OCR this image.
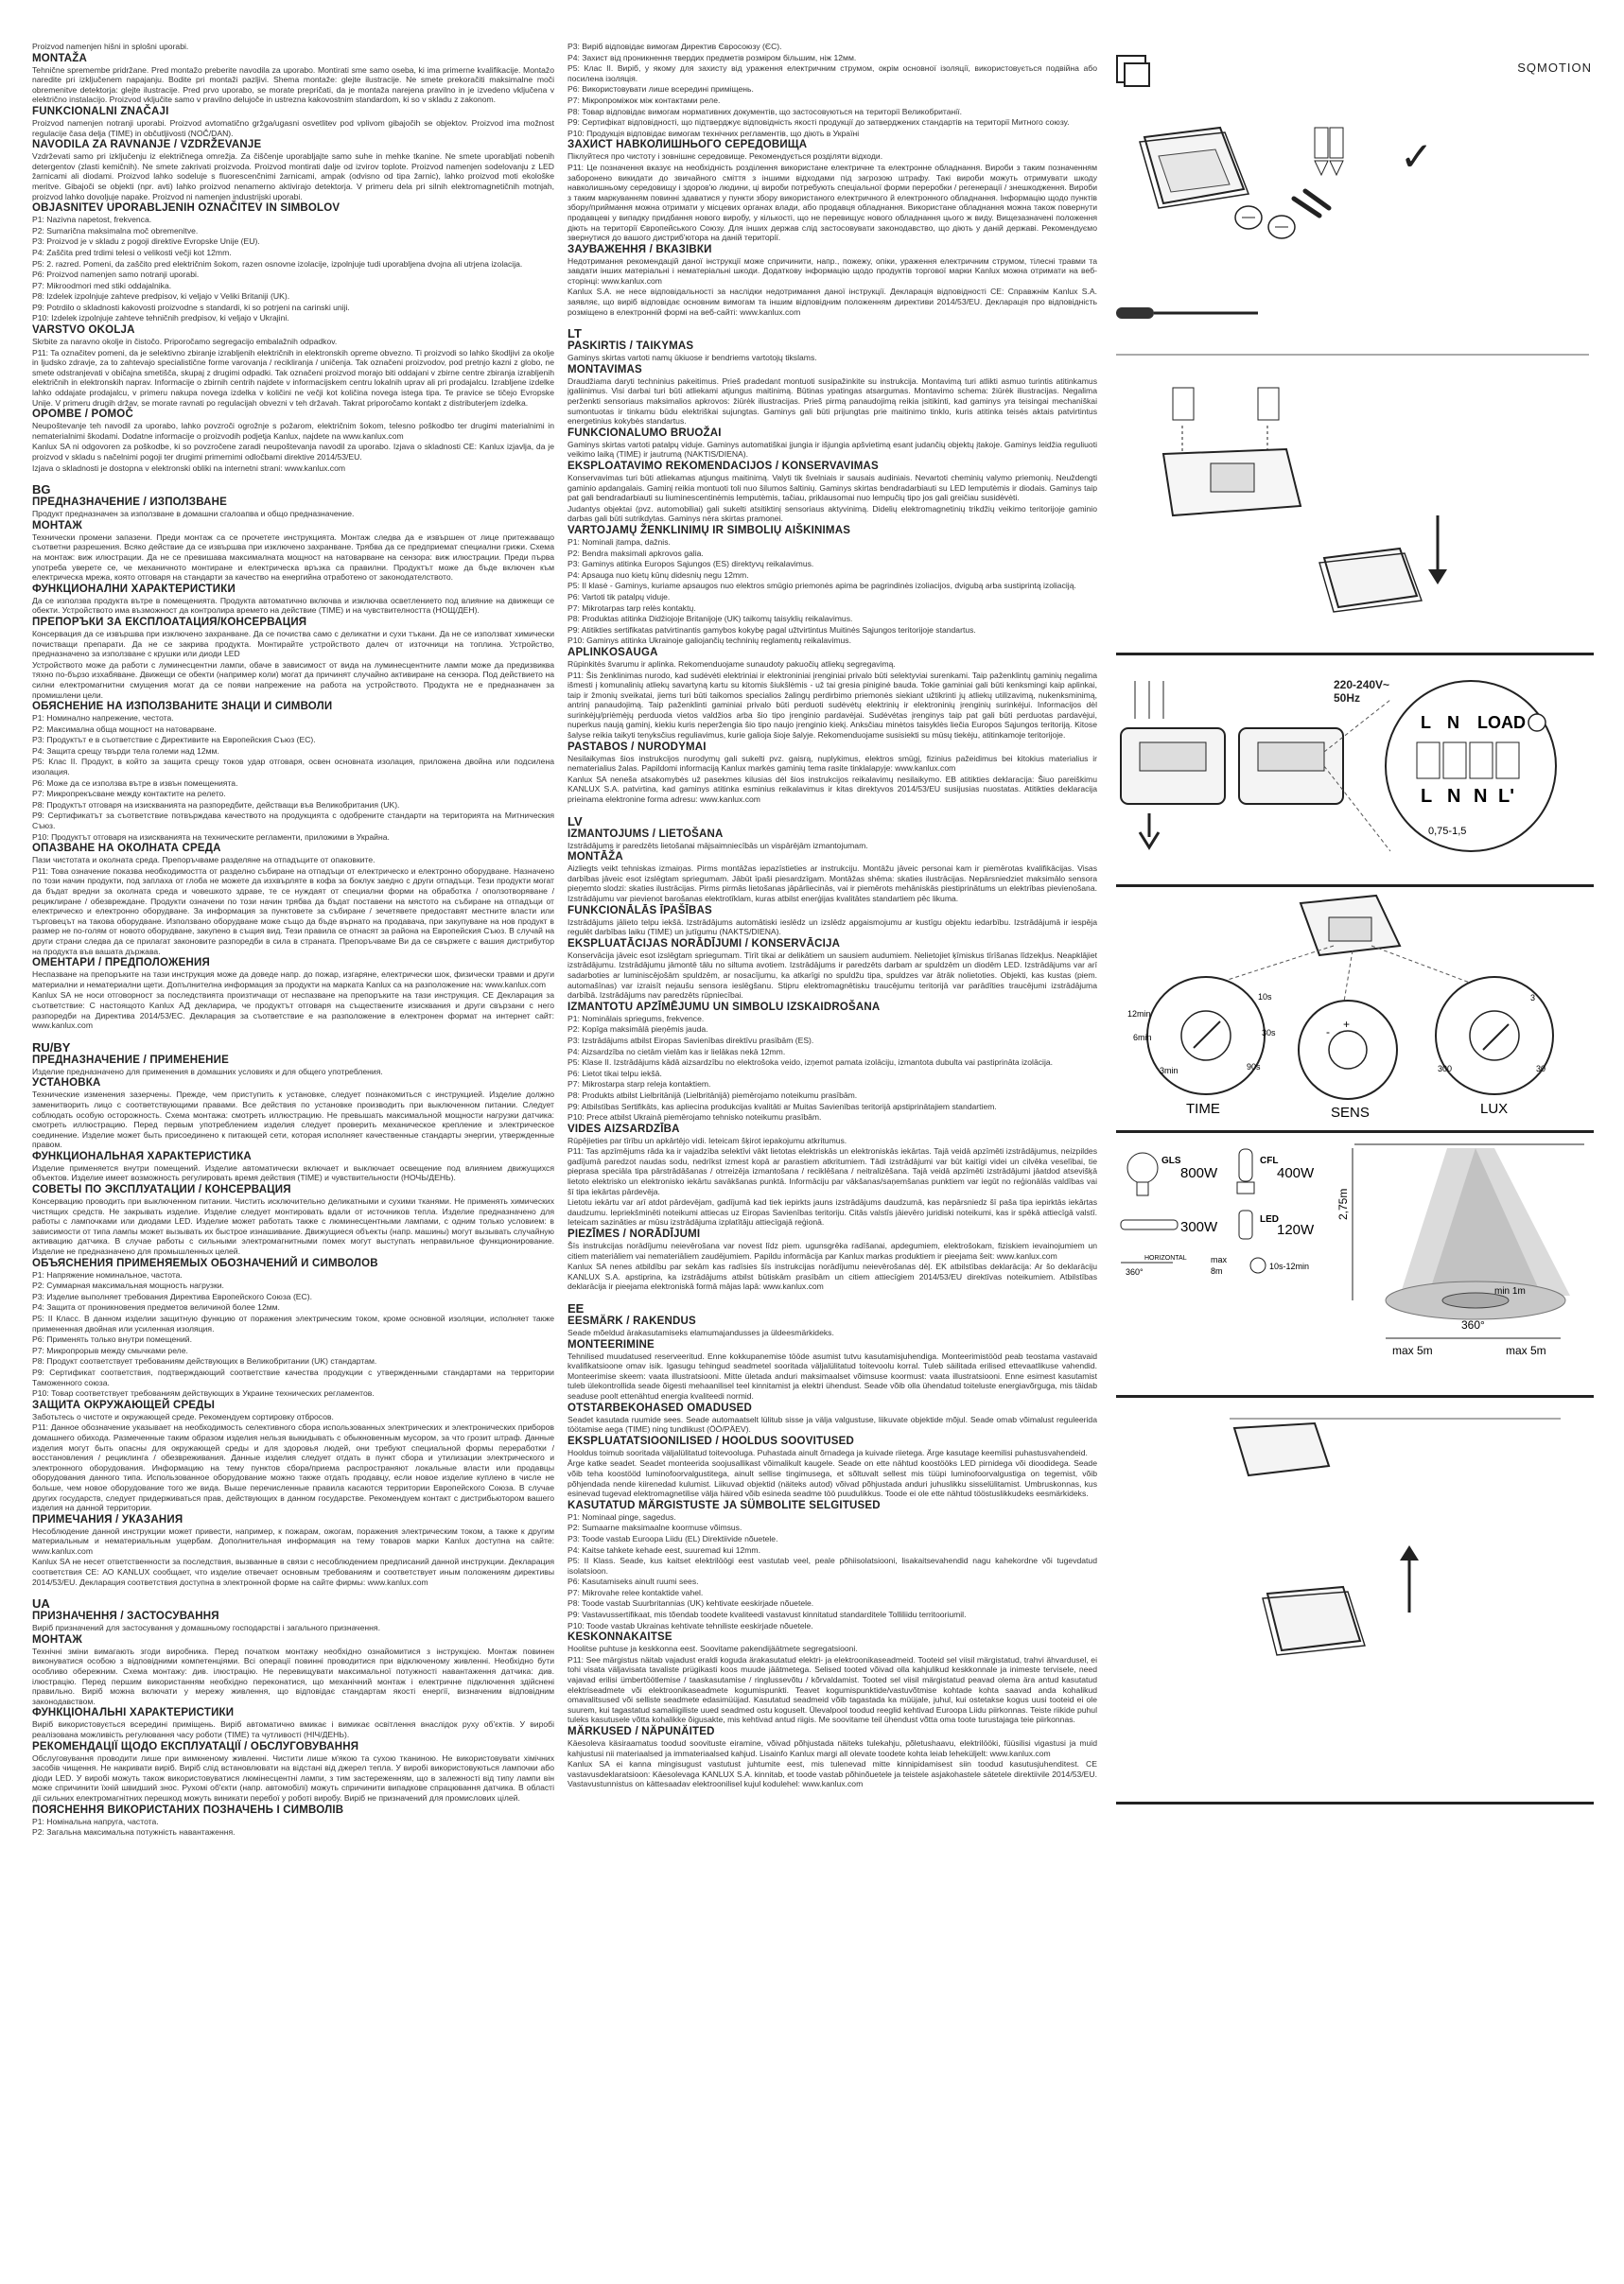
SQMOTION
Proizvod namenjen hišni in splošni uporabi.
MONTAŽA
Tehnične spremembe pridržane. Pred montažo preberite navodila za uporabo. Montirati sme samo oseba, ki ima primerne kvalifikacije. Montažo naredite pri izključenem napajanju. Bodite pri montaži pazljivi. Shema montaže: glejte ilustracije. Ne smete prekoračiti maksimalne moči obremenitve detektorja: glejte ilustracije. Pred prvo uporabo, se morate prepričati, da je montaža narejena pravilno in je izvedeno vključena v električno instalacijo. Proizvod vključite samo v pravilno delujoče in ustrezna kakovostnim standardom, ki so v skladu z zakonom.
FUNKCIONALNI ZNAČAJI
Proizvod namenjen notranji uporabi. Proizvod avtomatično gržga/ugasni osvetlitev pod vplivom gibajočih se objektov. Proizvod ima možnost regulacije časa delja (TIME) in občutljivosti (NOČ/DAN).
NAVODILA ZA RAVNANJE / VZDRŽEVANJE
Vzdrževati samo pri izključenju iz električnega omrežja. Za čiščenje uporabljajte samo suhe in mehke tkanine. Ne smete uporabljati nobenih detergentov (zlasti kemičnih). Ne smete zakrivati proizvoda. Proizvod montirati dalje od izvirov toplote. Proizvod namenjen sodelovanju z LED žarnicami ali diodami. Proizvod lahko sodeluje s fluorescenčnimi žarnicami, ampak (odvisno od tipa žarnic), lahko proizvod moti ekološke meritve. Gibajoči se objekti (npr. avti) lahko proizvod nenamerno aktivirajo detektorja. V primeru dela pri silnih elektromagnetičnih motnjah, proizvod lahko dovoljuje napake. Proizvod ni namenjen industrijski uporabi.
OBJASNITEV UPORABLJENIH OZNAČITEV IN SIMBOLOV
P1: Nazivna napetost, frekvenca.
P2: Sumarična maksimalna moč obremenitve.
P3: Proizvod je v skladu z pogoji direktive Evropske Unije (EU).
P4: Zaščita pred trdimi telesi o velikosti večji kot 12mm.
P5: 2. razred. Pomeni, da zaščito pred električnim šokom, razen osnovne izolacije, izpolnjuje tudi uporabljena dvojna ali utrjena izolacija.
P6: Proizvod namenjen samo notranji uporabi.
P7: Mikroodmori med stiki oddajalnika.
P8: Izdelek izpolnjuje zahteve predpisov, ki veljajo v Veliki Britaniji (UK).
P9: Potrdilo o skladnosti kakovosti proizvodne s standardi, ki so potrjeni na carinski uniji.
P10: Izdelek izpolnjuje zahteve tehničnih predpisov, ki veljajo v Ukrajini.
VARSTVO OKOLJA
Skrbite za naravno okolje in čistočo. Priporočamo segregacijo embalažnih odpadkov.
P11: Ta označitev pomeni, da je selektivno zbiranje izrabljenih električnih in elektronskih opreme obvezno. Ti proizvodi so lahko škodljivi za okolje in ljudsko zdravje, za to zahtevajo specialistične forme varovanja / recikliranja / uničenja. Tak označeni proizvodov, pod pretnjo kazni z globo, ne smete odstranjevati v običajna smetišča, skupaj z drugimi odpadki. Tak označeni proizvod morajo biti oddajani v zbirne centre zbiranja izrabljenih električnih in elektronskih naprav. Informacije o zbirnih centrih najdete v informacijskem centru lokalnih uprav ali pri prodajalcu. Izrabljene izdelke lahko oddajate prodajalcu, v primeru nakupa novega izdelka v količini ne večji kot količina novega istega tipa. Te pravice se tičejo Evropske Unije. V primeru drugih držav, se morate ravnati po regulacijah obvezni v teh državah. Takrat priporočamo kontakt z distributerjem izdelka.
OPOMBE / POMOČ
Neupoštevanje teh navodil za uporabo, lahko povzroči ogrožnje s požarom, električnim šokom, telesno poškodbo ter drugimi materialnimi in nematerialnimi škodami. Dodatne informacije o proizvodih podjetja Kanlux, najdete na www.kanlux.com
Kanlux SA ni odgovoren za poškodbe, ki so povzročene zaradi neupoštevanja navodil za uporabo. Izjava o skladnosti CE: Kanlux izjavlja, da je proizvod v skladu s načelnimi pogoji ter drugimi primernimi odločbami direktive 2014/53/EU.
Izjava o skladnosti je dostopna v elektronski obliki na internetni strani: www.kanlux.com
BG
ПРЕДНАЗНАЧЕНИЕ / ИЗПОЛЗВАНЕ
Продукт предназначен за използване в домашни сгалоапва и общо предназначение.
МОНТАЖ
Технически промени запазени. Преди монтаж са се прочетете инструкцията. Монтаж следва да е извършен от лице притежаващо съответни разрешения. Всяко действие да се извършва при изключено захранване. Трябва да се предприемат специални грижи. Схема на монтаж: виж илюстрации. Да не се превишава максималната мощност на натоварване на сензора: виж илюстрации. Преди първа употреба уверете се, че механичното монтиране и електрическа връзка са правилни. Продуктът може да бъде включен към електрическа мрежа, която отговаря на стандарти за качество на енергийна отработено от законодателството.
ФУНКЦИОНАЛНИ ХАРАКТЕРИСТИКИ
Да се използва продукта вътре в помещенията. Продукта автоматично включва и изключва осветлението под влияние на движещи се обекти. Устройството има възможност да контролира времето на действие (TIME) и на чувствителността (НОЩ/ДЕН).
ПРЕПОРЪКИ ЗА ЕКСПЛОАТАЦИЯ/КОНСЕРВАЦИЯ
Консервация да се извършва при изключено захранване. Да се почиства само с деликатни и сухи тъкани. Да не се използват химически почистващи препарати. Да не се закрива продукта. Монтирайте устройството далеч от източници на топлина. Устройство, предназначено за използване с крушки или диоди LED
Устройството може да работи с луминесцентни лампи, обаче в зависимост от вида на луминесцентните лампи може да предизвиква тяхно по-бързо изхабяване. Движещи се обекти (например коли) могат да причинят случайно активиране на сензора. Под действието на силни електромагнитни смущения могат да се появи напрежение на работа на устройството. Продукта не е предназначен за промишлени цели.
ОБЯСНЕНИЕ НА ИЗПОЛЗВАНИТЕ ЗНАЦИ И СИМВОЛИ
P1: Номинално напрежение, честота.
P2: Максимална обща мощност на натоварване.
P3: Продуктът е в съответствие с Директивите на Европейския Съюз (ЕС).
P4: Защита срещу твърди тела големи над 12мм.
P5: Клас II. Продукт, в който за защита срещу токов удар отговаря, освен основната изолация, приложена двойна или подсилена изолация.
P6: Може да се използва вътре в извън помещенията.
P7: Микропрекъсване между контактите на релето.
P8: Продуктът отговаря на изискванията на разпоредбите, действащи във Великобритания (UK).
P9: Сертификатът за съответствие потвърждава качеството на продукцията с одобрените стандарти на територията на Митническия Съюз.
P10: Продуктът отговаря на изискванията на техническите регламенти, приложими в Украйна.
ОПАЗВАНЕ НА ОКОЛНАТА СРЕДА
Пази чистотата и околната среда. Препоръчваме разделяне на отпадъците от опаковките.
P11: Това означение показва необходимостта от разделно събиране на отпадъци от електрическо и електронно оборудване. Назначено по този начин продукти, под заплаха от глоба не можете да изхвърляте в кофа за боклук заедно с други отпадъци. Тези продукти могат да бъдат вредни за околната среда и човешкото здраве, те се нуждаят от специални форми на обработка / оползотворяване / рециклиране / обезвреждане. Продукти означени по този начин трябва да бъдат поставени на мястото на събиране на отпадъци от електрическо и електронно оборудване. За информация за пунктовете за събиране / зечетявете предоставят местните власти или търговецът на такова оборудване. Използвано оборудване може също да бъде върнато на продавача, при закупуване на нов продукт в размер не по-голям от новото оборудване, закупено в същия вид. Тези правила се отнасят за района на Европейския Съюз. В случай на други страни следва да се прилагат законовите разпоредби в сила в страната. Препоръчваме Ви да се свържете с вашия дистрибутор на продукта във вашата държава.
ОМЕНТАРИ / ПРЕДПОЛОЖЕНИЯ
Неспазване на препоръките на тази инструкция може да доведе напр. до пожар, изгаряне, електрически шок, физически травми и други материални и нематериални щети. Допълнителна информация за продукти на марката Kanlux са на разположение на: www.kanlux.com
Kanlux SA не носи отговорност за последствията произтичащи от неспазване на препоръките на тази инструкция. CE Декларация за съответствие: С настоящото Kanlux АД декларира, че продуктът отговаря на съществените изисквания и други свързани с него разпоредби на Директива 2014/53/ЕС. Декларация за съответствие е на разположение в електронен формат на интернет сайт: www.kanlux.com
RU/BY
ПРЕДНАЗНАЧЕНИЕ / ПРИМЕНЕНИЕ
Изделие предназначено для применения в домашних условиях и для общего употребления.
УСТАНОВКА
Технические изменения зазерчены. Прежде, чем приступить к установке, следует познакомиться с инструкцией. Изделие должно заменитворить лицо с соответствующими правами. Все действия по установке производить при выключенном питании. Следует соблюдать особую осторожность. Схема монтажа: смотреть иллюстрацию. Не превышать максимальной мощности нагрузки датчика: смотреть иллюстрацию. Перед первым употреблением изделия следует проверить механическое крепление и электрическое соединение. Изделие может быть присоединено к питающей сети, которая исполняет качественные стандарты энергии, утвержденные правом.
ФУНКЦИОНАЛЬНАЯ ХАРАКТЕРИСТИКА
Изделие применяется внутри помещений. Изделие автоматически включает и выключает освещение под влиянием движущихся объектов. Изделие имеет возможность регулировать время действия (TIME) и чувствительности (НОЧЬ/ДЕНЬ).
СОВЕТЫ ПО ЭКСПЛУАТАЦИИ / КОНСЕРВАЦИЯ
Консервацию проводить при выключенном питании. Чистить исключительно деликатными и сухими тканями. Не применять химических чистящих средств. Не закрывать изделие. Изделие следует монтировать вдали от источников тепла. Изделие предназначено для работы с лампочками или диодами LED. Изделие может работать также с люминесцентными лампами, с одним только условием: в зависимости от типа лампы может вызывать их быстрое изнашивание. Движущиеся объекты (напр. машины) могут вызывать случайную активацию датчика. В случае работы с сильными электромагнитными помех могут выступать неправильное функционирование. Изделие не предназначено для промышленных целей.
ОБЪЯСНЕНИЯ ПРИМЕНЯЕМЫХ ОБОЗНАЧЕНИЙ И СИМВОЛОВ
P1: Напряжение номинальное, частота.
P2: Суммарная максимальная мощность нагрузки.
P3: Изделие выполняет требования Директива Европейского Союза (ЕС).
P4: Защита от проникновения предметов величиной более 12мм.
P5: II Класс. В данном изделии защитную функцию от поражения электрическим током, кроме основной изоляции, исполняет также примененная двойная или усиленная изоляция.
P6: Применять только внутри помещений.
P7: Микропрорыв между смычками реле.
P8: Продукт соответствует требованиям действующих в Великобритании (UK) стандартам.
P9: Сертификат соответствия, подтверждающий соответствие качества продукции с утвержденными стандартами на территории Таможенного союза.
P10: Товар соответствует требованиям действующих в Украине технических регламентов.
ЗАЩИТА ОКРУЖАЮЩЕЙ СРЕДЫ
Заботьтесь о чистоте и окружающей среде. Рекомендуем сортировку отбросов.
P11: Данное обозначение указывает на необходимость селективного сбора использованных электрических и электронических приборов домашнего обихода. Размеченные таким образом изделия нельзя выкидывать с обыкновенным мусором, за что грозит штраф. Данные изделия могут быть опасны для окружающей среды и для здоровья людей, они требуют специальной формы переработки / восстановления / рециклинга / обезвреживания. Данные изделия следует отдать в пункт сбора и утилизации электрического и электронного оборудования. Информацию на тему пунктов сбора/приема распространяют локальные власти или продавцы оборудования данного типа. Использованное оборудование можно также отдать продавцу, если новое изделие куплено в числе не больше, чем новое оборудование того же вида. Выше перечисленные правила касаются территории Европейского Союза. В случае других государств, следует придерживаться прав, действующих в данном государстве. Рекомендуем контакт с дистрибьютором вашего изделия на данной территории.
ПРИМЕЧАНИЯ / УКАЗАНИЯ
Несоблюдение данной инструкции может привести, например, к пожарам, ожогам, поражения электрическим током, а также к другим материальным и нематериальным ущербам. Дополнительная информация на тему товаров марки Kanlux доступна на сайте: www.kanlux.com
Kanlux SA не несет ответственности за последствия, вызванные в связи с несоблюдением предписаний данной инструкции. Декларация соответствия CE: АО KANLUX сообщает, что изделие отвечает основным требованиям и соответствует иным положениям директивы 2014/53/EU. Декларация соответствия доступна в электронной форме на сайте фирмы: www.kanlux.com
UA
ПРИЗНАЧЕННЯ / ЗАСТОСУВАННЯ
Виріб призначений для застосування у домашньому господарстві і загального призначення.
МОНТАЖ
Технічні зміни вимагають згоди виробника. Перед початком монтажу необхідно ознайомитися з інструкцією. Монтаж повинен виконуватися особою з відповідними компетенціями. Всі операції повинні проводитися при відключеному живленні. Необхідно бути особливо обережним. Схема монтажу: див. ілюстрацію. Не перевищувати максимальної потужності навантаження датчика: див. ілюстрацію. Перед першим використанням необхідно переконатися, що механічний монтаж і електричне підключення здійснені правильно. Виріб можна включати у мережу живлення, що відповідає стандартам якості енергії, визначеним відповідним законодавством.
ФУНКЦІОНАЛЬНІ ХАРАКТЕРИСТИКИ
Виріб використовується всередині приміщень. Виріб автоматично вмикає і вимикає освітлення внаслідок руху об'єктів. У виробі реалізована можливість регулювання часу роботи (TIME) та чутливості (НІЧ/ДЕНЬ).
РЕКОМЕНДАЦІЇ ЩОДО ЕКСПЛУАТАЦІЇ / ОБСЛУГОВУВАННЯ
Обслуговування проводити лише при вимкненому живленні. Чистити лише м'якою та сухою тканиною. Не використовувати хімічних засобів чищення. Не накривати виріб. Виріб слід встановлювати на відстані від джерел тепла. У виробі використовуються лампочки або діоди LED. У виробі можуть також використовуватися люмінесцентні лампи, з тим застереженням, що в залежності від типу лампи він може спричинити їхній швидший знос. Рухомі об'єкти (напр. автомобілі) можуть спричинити випадкове спрацювання датчика. В області дії сильних електромагнітних перешкод можуть виникати перебої у роботі виробу. Виріб не призначений для промислових цілей.
ПОЯСНЕННЯ ВИКОРИСТАНИХ ПОЗНАЧЕНЬ І СИМВОЛІВ
P1: Номінальна напруга, частота.
P2: Загальна максимальна потужність навантаження.
P3: Виріб відповідає вимогам Директив Євросоюзу (ЄС).
P4: Захист від проникнення твердих предметів розміром більшим, ніж 12мм.
P5: Клас II. Виріб, у якому для захисту від ураження електричним струмом, окрім основної ізоляції, використовується подвійна або посилена ізоляція.
P6: Використовувати лише всередині приміщень.
P7: Мікропроміжок між контактами реле.
P8: Товар відповідає вимогам нормативних документів, що застосовуються на території Великобританії.
P9: Сертифікат відповідності, що підтверджує відповідність якості продукції до затверджених стандартів на території Митного союзу.
P10: Продукція відповідає вимогам технічних регламентів, що діють в Україні
ЗАХИСТ НАВКОЛИШНЬОГО СЕРЕДОВИЩА
Піклуйтеся про чистоту і зовнішнє середовище. Рекомендується розділяти відходи.
P11: Це позначення вказує на необхідність розділення використане електричне та електронне обладнання. Вироби з таким позначенням заборонено викидати до звичайного сміття з іншими відходами під загрозою штрафу. Такі вироби можуть отримувати шкоду навколишньому середовищу і здоров'ю людини, ці вироби потребують спеціальної форми переробки / регенерації / знешкодження. Вироби з таким маркуванням повинні здаватися у пункти збору використаного електричного й електронного обладнання. Інформацію щодо пунктів збору/приймання можна отримати у місцевих органах влади, або продавця обладнання. Використане обладнання можна також повернути продавцеві у випадку придбання нового виробу, у кількості, що не перевищує нового обладнання цього ж виду. Вищезазначені положення діють на території Європейського Союзу. Для інших держав слід застосовувати законодавство, що діють у даній державі. Рекомендуємо звернутися до вашого дистриб'ютора на даній території.
ЗАУВАЖЕННЯ / ВКАЗІВКИ
Недотримання рекомендацій даної інструкції може спричинити, напр., пожежу, опіки, ураження електричним струмом, тілесні травми та завдати інших матеріальні і нематеріальні шкоди. Додаткову інформацію щодо продуктів торгової марки Kanlux можна отримати на веб-сторінці: www.kanlux.com
Kanlux S.A. не несе відповідальності за наслідки недотримання даної інструкції. Декларація відповідності CE: Справжнім Kanlux S.A. заявляє, що виріб відповідає основним вимогам та іншим відповідним положенням директиви 2014/53/EU. Декларація про відповідність розміщено в електронній формі на веб-сайті: www.kanlux.com
LT
PASKIRTIS / TAIKYMAS
Gaminys skirtas vartoti namų ūkiuose ir bendriems vartotojų tikslams.
MONTAVIMAS
Draudžiama daryti techninius pakeitimus. Prieš pradedant montuoti susipažinkite su instrukcija. Montavimą turi atlikti asmuo turintis atitinkamus įgaliinimus. Visi darbai turi būti atliekami atjungus maitinimą. Būtinas ypatingas atsargumas. Montavimo schema: žiūrėk iliustracijas. Negalima perženkti sensoriaus maksimalios apkrovos: žiūrėk iliustracijas. Prieš pirmą panaudojimą reikia įsitikinti, kad gaminys yra teisingai mechaniškai sumontuotas ir tinkamu būdu elektriškai sujungtas. Gaminys gali būti prijungtas prie maitinimo tinklo, kuris atitinka teisės aktais patvirtintus energetinius kokybės standartus.
FUNKCIONALUMO BRUOŽAI
Gaminys skirtas vartoti patalpų viduje. Gaminys automatiškai įjungia ir išjungia apšvietimą esant judančių objektų įtakoje. Gaminys leidžia reguliuoti veikimo laiką (TIME) ir jautrumą (NAKTIS/DIENA).
EKSPLOATAVIMO REKOMENDACIJOS / KONSERVAVIMAS
Konservavimas turi būti atliekamas atjungus maitinimą. Valyti tik švelniais ir sausais audiniais. Nevartoti cheminių valymo priemonių. Neuždengti gaminio apdangalais. Gaminį reikia montuoti toli nuo šilumos šaltinių. Gaminys skirtas bendradarbiauti su LED lemputėmis ir diodais. Gaminys taip pat gali bendradarbiauti su liuminescentinėmis lemputėmis, tačiau, priklausomai nuo lempučių tipo jos gali greičiau susidėvėti.
Judantys objektai (pvz. automobiliai) gali sukelti atsitiktinį sensoriaus aktyvinimą. Didelių elektromagnetinių trikdžių veikimo teritorijoje gaminio darbas gali būti sutrikdytas. Gaminys nėra skirtas pramonei.
VARTOJAMŲ ŽENKLINIMŲ IR SIMBOLIŲ AIŠKINIMAS
P1: Nominali įtampa, dažnis.
P2: Bendra maksimali apkrovos galia.
P3: Gaminys atitinka Europos Sąjungos (ES) direktyvų reikalavimus.
P4: Apsauga nuo kietų kūnų didesnių negu 12mm.
P5: II klasė - Gaminys, kuriame apsaugos nuo elektros smūgio priemonės apima be pagrindinės izoliacijos, dvigubą arba sustiprintą izoliaciją.
P6: Vartoti tik patalpų viduje.
P7: Mikrotarpas tarp relės kontaktų.
P8: Produktas atitinka Didžiojoje Britanijoje (UK) taikomų taisyklių reikalavimus.
P9: Atitikties sertifikatas patvirtinantis gamybos kokybę pagal užtvirtintus Muitinės Sąjungos teritorijoje standartus.
P10: Gaminys atitinka Ukrainoje galiojančių techninių reglamentų reikalavimus.
APLINKOSAUGA
Rūpinkitės švarumu ir aplinka. Rekomenduojame sunaudoty pakuočių atliekų segregavimą.
P11: Šis ženklinimas nurodo, kad sudėvėti elektriniai ir elektroniniai įrenginiai privalo būti selektyviai surenkami. Taip paženklintų gaminių negalima išmesti į komunalinių atliekų savartyną kartu su kitomis šiukšlėmis - už tai gresia piniginė bauda. Tokie gaminiai gali būti kenksmingi kaip aplinkai, taip ir žmonių sveikatai, jiems turi būti taikomos specialios žalingų perdirbimo priemonės siekiant užtikrinti jų atliekų utilizavimą, nukenksminimą, antrinį panaudojimą. Taip paženklinti gaminiai privalo būti perduoti sudėvėtų elektrinių ir elektroninių įrenginių surinkėjui. Informacijos dėl surinkėjų/priėmėjų perduoda vietos valdžios arba šio tipo įrenginio pardavėjai. Sudėvėtas įrenginys taip pat gali būti perduotas pardavėjui, nuperkus naują gaminį, kiekiu kuris neperžengia šio tipo naujo įrenginio kiekį. Anksčiau minėtos taisyklės liečia Europos Sąjungos teritoriją. Kitose šalyse reikia taikyti tenyksčius reguliavimus, kurie galioja šioje šalyje. Rekomenduojame susisiekti su mūsų tiekėju, atitinkamoje teritorijoje.
PASTABOS / NURODYMAI
Nesilaikymas šios instrukcijos nurodymų gali sukelti pvz. gaisrą, nuplykimus, elektros smūgį, fizinius pažeidimus bei kitokius materialius ir nematerialius žalas. Papildomi informaciją Kanlux markės gaminių tema rasite tinklalapyje: www.kanlux.com
Kanlux SA neneša atsakomybės už pasekmes kilusias dėl šios instrukcijos reikalavimų nesilaikymo. EB atitikties deklaracija: Šiuo pareiškimu KANLUX S.A. patvirtina, kad gaminys atitinka esminius reikalavimus ir kitas direktyvos 2014/53/EU susijusias nuostatas. Atitikties deklaracija prieinama elektronine forma adresu: www.kanlux.com
LV
IZMANTOJUMS / LIETOŠANA
Izstrādājums ir paredzēts lietošanai mājsaimniecībās un vispārējām izmantojumam.
MONTĀŽA
Aizliegts veikt tehniskas izmaiņas. Pirms montāžas iepazīstieties ar instrukciju. Montāžu jāveic personai kam ir piemērotas kvalifikācijas. Visas darbības jāveic esot izslēgtam spriegumam. Jābūt īpaši piesardzīgam. Montāžas shēma: skaties ilustrācijas. Nepārsniedziet maksimālo sensora pieņemto slodzi: skaties ilustrācijas. Pirms pirmās lietošanas jāpārliecinās, vai ir piemērots mehāniskās piestiprinātums un elektrības pievienošana. Izstrādājumu var pievienot barošanas elektrotīklam, kuras atbilst enerģijas kvalitātes standartiem pēc likuma.
FUNKCIONĀLĀS ĪPAŠĪBAS
Izstrādājums jālieto telpu iekšā. Izstrādājums automātiski ieslēdz un izslēdz apgaismojumu ar kustīgu objektu iedarbību. Izstrādājumā ir iespēja regulēt darbības laiku (TIME) un jutīgumu (NAKTS/DIENA).
EKSPLUATĀCIJAS NORĀDĪJUMI / KONSERVĀCIJA
Konservācija jāveic esot izslēgtam spriegumam. Tīrīt tikai ar delikātiem un sausiem audumiem. Nelietojiet ķīmiskus tīrīšanas līdzekļus. Neapklājiet izstrādājumu. Izstrādājumu jāmontē tālu no siltuma avotiem. Izstrādājums ir paredzēts darbam ar spuldzēm un diodēm LED. Izstrādājums var arī sadarboties ar luminiscējošām spuldzēm, ar nosacījumu, ka atkarīgi no spuldžu tipa, spuldzes var ātrāk nolietoties. Objekti, kas kustas (piem. automašīnas) var izraisīt nejaušu sensora ieslēgšanu. Stipru elektromagnētisku traucējumu teritorijā var parādīties traucējumi izstrādājuma darbībā. Izstrādājums nav paredzēts rūpniecībai.
IZMANTOTU APZĪMĒJUMU UN SIMBOLU IZSKAIDROŠANA
P1: Nominālais spriegums, frekvence.
P2: Kopīga maksimālā pieņēmis jauda.
P3: Izstrādājums atbilst Eiropas Savienības direktīvu prasībām (ES).
P4: Aizsardzība no cietām vielām kas ir lielākas nekā 12mm.
P5: Klase II. Izstrādājums kādā aizsardzību no elektrošoka veido, izņemot pamata izolāciju, izmantota dubulta vai pastiprināta izolācija.
P6: Lietot tikai telpu iekšā.
P7: Mikrostarpa starp releja kontaktiem.
P8: Produkts atbilst Lielbritānijā (Lielbritānijā) piemērojamo noteikumu prasībām.
P9: Atbilstības Sertifikāts, kas apliecina produkcijas kvalitāti ar Muitas Savienības teritorijā apstiprinātajiem standartiem.
P10: Prece atbilst Ukrainā piemērojamo tehnisko noteikumu prasībām.
VIDES AIZSARDZĪBA
Rūpējieties par tīrību un apkārtējo vidi. Ieteicam šķirot iepakojumu atkritumus.
P11: Tas apzīmējums rāda ka ir vajadzība selektīvi vākt lietotas elektriskās un elektroniskās iekārtas. Tajā veidā apzīmēti izstrādājumus, neizpildes gadījumā paredzot naudas sodu, nedrīkst izmest kopā ar parastiem atkritumiem. Tādi izstrādājumi var būt kaitīgi videi un cilvēka veselībai, tie pieprasa speciāla tipa pārstrādāšanas / otrreizēja izmantošana / reciklēšana / neitralizēšana. Tajā veidā apzīmēti izstrādājumi jāatdod atsevišķā lietoto elektrisko un elektronisko iekārtu savākšanas punktā. Informāciju par vākšanas/saņemšanas punktiem var iegūt no reģionālās valdības vai šī tipa iekārtas pārdevēja.
Lietotu iekārtu var arī atdot pārdevējam, gadījumā kad tiek iepirkts jauns izstrādājums daudzumā, kas nepārsniedz šī paša tipa iepirktās iekārtas daudzumu. Iepriekšminēti noteikumi attiecas uz Eiropas Savienības teritoriju. Citās valstīs jāievēro juridiski noteikumi, kas ir spēkā attiecīgā valstī. Ieteicam sazināties ar mūsu izstrādājuma izplatītāju attiecīgajā reģionā.
PIEZĪMES / NORĀDĪJUMI
Šīs instrukcijas norādījumu neievērošana var novest līdz piem. ugunsgrēka radīšanai, apdegumiem, elektrošokam, fiziskiem ievainojumiem un citiem materiāliem vai nemateriāliem zaudējumiem. Papildu informācija par Kanlux markas produktiem ir pieejama šeit: www.kanlux.com
Kanlux SA nenes atbildību par sekām kas radīsies šīs instrukcijas norādījumu neievērošanas dēļ. EK atbilstības deklarācija: Ar šo deklarāciju KANLUX S.A. apstiprina, ka izstrādājums atbilst būtiskām prasībām un citiem attiecīgiem 2014/53/EU direktīvas noteikumiem. Atbilstības deklarācija ir pieejama elektroniskā formā mājas lapā: www.kanlux.com
EE
EESMÄRK / RAKENDUS
Seade mõeldud ärakasutamiseks elamumajandusses ja üldeesmärkideks.
MONTEERIMINE
Tehnilised muudatused reserveeritud. Enne kokkupanemise tööde asumist tutvu kasutamisjuhendiga. Monteerimistööd peab teostama vastavaid kvalifikatsioone omav isik. Igasugu tehingud seadmetel sooritada väljalülitatud toitevoolu korral. Tuleb säilitada erilised ettevaatlikuse vahendid. Monteerimise skeem: vaata illustratsiooni. Mitte ületada anduri maksimaalset võimsuse koormust: vaata illustratsiooni. Enne esimest kasutamist tuleb ülekontrollida seade õigesti mehaanilisel teel kinnitamist ja elektri ühendust. Seade võib olla ühendatud toiteluste energiavõrguga, mis täidab seaduse poolt ettenähtud energia kvaliteedi normid.
OTSTARBEKOHASED OMADUSED
Seadet kasutada ruumide sees. Seade automaatselt lülitub sisse ja välja valgustuse, liikuvate objektide mõjul. Seade omab võimalust reguleerida töötamise aega (TIME) ning tundlikust (ÖÖ/PÄEV).
EKSPLUATATSIOONILISED / HOOLDUS SOOVITUSED
Hooldus toimub sooritada väljalülitatud toitevooluga. Puhastada ainult õrnadega ja kuivade riietega. Ärge kasutage keemilisi puhastusvahendeid.
Ärge katke seadet. Seadet monteerida soojusallikast võimalikult kaugele. Seade on ette nähtud koostööks LED pirnidega või dioodidega. Seade võib teha koostööd luminofoorvalgustitega, ainult sellise tingimusega, et sõltuvalt sellest mis tüüpi luminofoorvalgustiga on tegemist, võib põhjendada nende kiirenedad kulumist. Liikuvad objektid (näiteks autod) võivad põhjustada anduri juhuslikku sisselülitamist. Umbruskonnas, kus esinevad tugevad elektromagnetilise välja häired võib esineda seadme töö puudulikkus. Toode ei ole ette nähtud tööstuslikkudeks eesmärkideks.
KASUTATUD MÄRGISTUSTE JA SÜMBOLITE SELGITUSED
P1: Nominaal pinge, sagedus.
P2: Sumaarne maksimaalne koormuse võimsus.
P3: Toode vastab Euroopa Liidu (EL) Direktiivide nõuetele.
P4: Kaitse tahkete kehade eest, suuremad kui 12mm.
P5: II Klass. Seade, kus kaitset elektrilöögi eest vastutab veel, peale põhiisolatsiooni, lisakaitsevahendid nagu kahekordne või tugevdatud isolatsioon.
P6: Kasutamiseks ainult ruumi sees.
P7: Mikrovahe relee kontaktide vahel.
P8: Toode vastab Suurbritannias (UK) kehtivate eeskirjade nõuetele.
P9: Vastavussertifikaat, mis tõendab toodete kvaliteedi vastavust kinnitatud standarditele Tolliliidu territooriumil.
P10: Toode vastab Ukrainas kehtivate tehniliste eeskirjade nõuetele.
KESKONNAKAITSE
Hoolitse puhtuse ja keskkonna eest. Soovitame pakendijäätmete segregatsiooni.
P11: See märgistus näitab vajadust eraldi koguda ärakasutatud elektri- ja elektroonikaseadmeid. Tooteid sel viisil märgistatud, trahvi ähvardusel, ei tohi visata väljavisata tavaliste prügikasti koos muude jäätmetega. Selised tooted võivad olla kahjulikud keskkonnale ja inimeste tervisele, need vajavad erilisi ümbertöötlemise / taaskasutamise / ringlussevõtu / kõrvaldamist. Tooted sel viisil märgistatud peavad olema ära antud kasutatud elektriseadmete või elektroonikaseadmete kogumispunkti. Teavet kogumispunktide/vastuvõtmise kohtade kohta saavad anda kohalikud omavalitsused või selliste seadmete edasimüüjad. Kasutatud seadmeid võib tagastada ka müüjale, juhul, kui ostetakse kogus uusi tooteid ei ole suurem, kui tagastatud samaliigiliste uued seadmed ostu koguselt. Ülevalpool toodud reeglid kehtivad Euroopa Liidu piirkonnas. Teiste riikide puhul tuleks kasutusele võtta kohalikke õigusakte, mis kehtivad antud riigis. Me soovitame teil ühendust võtta oma toote turustajaga teie piirkonnas.
MÄRKUSED / NÄPUNÄITED
Käesoleva käsiraamatus toodud soovituste eiramine, võivad põhjustada näiteks tulekahju, põletushaavu, elektrilööki, füüsilisi vigastusi ja muid kahjustusi nii materiaalsed ja immateriaalsed kahjud. Lisainfo Kanlux margi all olevate toodete kohta leiab leheküljelt: www.kanlux.com
Kanlux SA ei kanna mingisugust vastutust juhtumite eest, mis tulenevad mitte kinnipidamisest siin toodud kasutusjuhenditest. CE vastavusdeklaratsioon: Käesolevaga KANLUX S.A. kinnitab, et toode vastab põhinõuetele ja teistele asjakohastele sätetele direktiivile 2014/53/EU. Vastavustunnistus on kättesaadav elektroonilisel kujul kodulehel: www.kanlux.com
✓
220-240V~
50Hz
L N LOAD
L N N L'
0,75-1,5
12min
6min
3min
10s
30s
90s
TIME
-
+
SENS
3
300	30
LUX
GLS
800W
CFL
400W
300W	LED
120W
HORIZONTAL
360°
max
8m	10s-12min
2,75m
min 1m
360°
max 5m	max 5m
